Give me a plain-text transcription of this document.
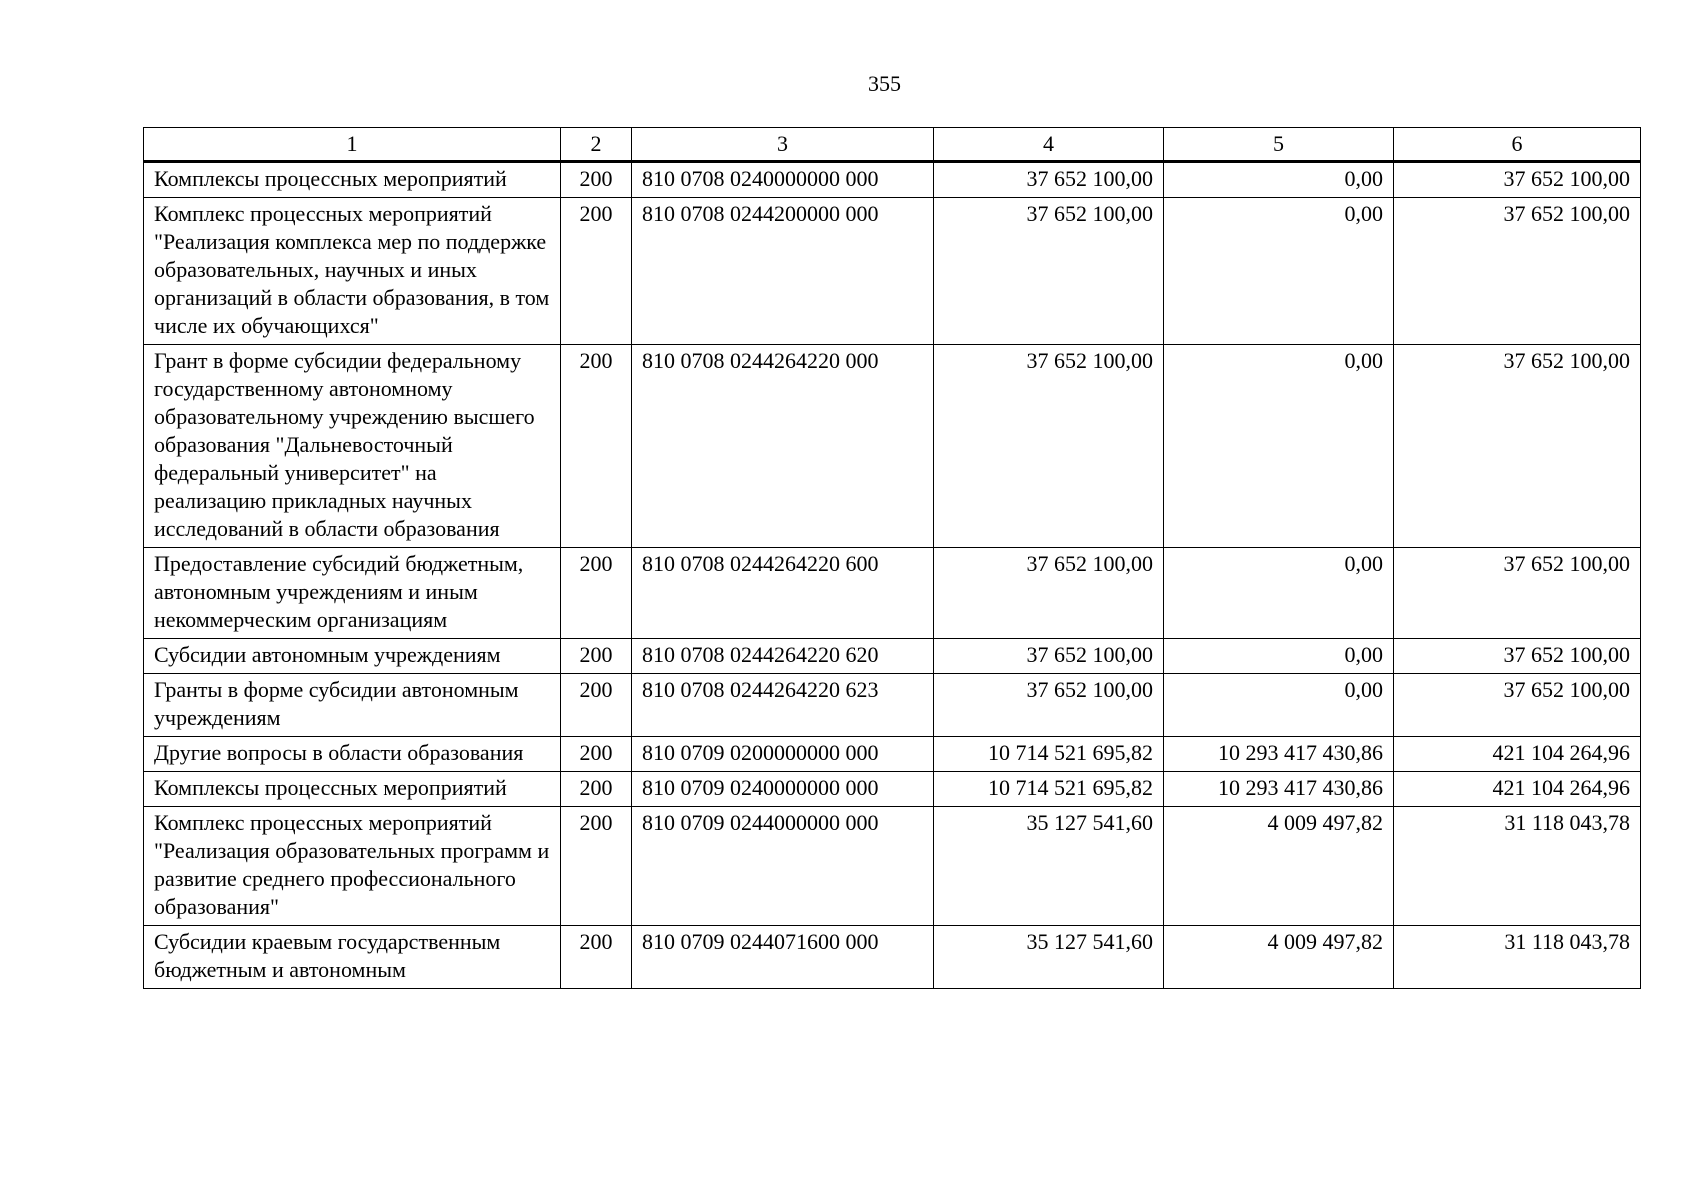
355
1	2	3	4	5	6
Комплексы процессных мероприятий	200	810 0708 0240000000 000	37 652 100,00	0,00	37 652 100,00
Комплекс процессных мероприятий "Реализация комплекса мер по поддержке образовательных, научных и иных организаций в области образования, в том числе их обучающихся"	200	810 0708 0244200000 000	37 652 100,00	0,00	37 652 100,00
Грант в форме субсидии федеральному государственному автономному образовательному учреждению высшего образования "Дальневосточный федеральный университет" на реализацию прикладных научных исследований в области образования	200	810 0708 0244264220 000	37 652 100,00	0,00	37 652 100,00
Предоставление субсидий бюджетным, автономным учреждениям и иным некоммерческим организациям	200	810 0708 0244264220 600	37 652 100,00	0,00	37 652 100,00
Субсидии автономным учреждениям	200	810 0708 0244264220 620	37 652 100,00	0,00	37 652 100,00
Гранты в форме субсидии автономным учреждениям	200	810 0708 0244264220 623	37 652 100,00	0,00	37 652 100,00
Другие вопросы в области образования	200	810 0709 0200000000 000	10 714 521 695,82	10 293 417 430,86	421 104 264,96
Комплексы процессных мероприятий	200	810 0709 0240000000 000	10 714 521 695,82	10 293 417 430,86	421 104 264,96
Комплекс процессных мероприятий "Реализация образовательных программ и развитие среднего профессионального образования"	200	810 0709 0244000000 000	35 127 541,60	4 009 497,82	31 118 043,78
Субсидии краевым государственным бюджетным и автономным	200	810 0709 0244071600 000	35 127 541,60	4 009 497,82	31 118 043,78
